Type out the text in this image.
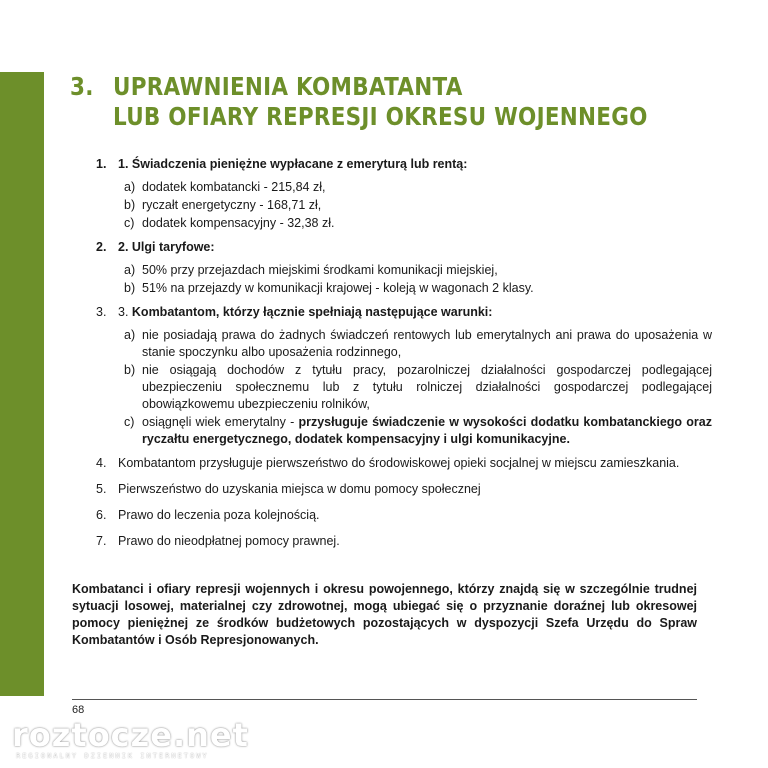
3. UPRAWNIENIA KOMBATANTA
LUB OFIARY REPRESJI OKRESU WOJENNEGO
1. 1. Świadczenia pieniężne wypłacane z emeryturą lub rentą:
a) dodatek kombatancki - 215,84 zł,
b) ryczałt energetyczny - 168,71 zł,
c) dodatek kompensacyjny - 32,38 zł.
2. 2. Ulgi taryfowe:
a) 50% przy przejazdach miejskimi środkami komunikacji miejskiej,
b) 51% na przejazdy w komunikacji krajowej - koleją w wagonach 2 klasy.
3. 3. Kombatantom, którzy łącznie spełniają następujące warunki:
a) nie posiadają prawa do żadnych świadczeń rentowych lub emerytalnych ani prawa do uposażenia w stanie spoczynku albo uposażenia rodzinnego,
b) nie osiągają dochodów z tytułu pracy, pozarolniczej działalności gospodarczej podlegającej ubezpieczeniu społecznemu lub z tytułu rolniczej działalności gospodarczej podlegającej obowiązkowemu ubezpieczeniu rolników,
c) osiągnęli wiek emerytalny - przysługuje świadczenie w wysokości dodatku kombatanckiego oraz ryczałtu energetycznego, dodatek kompensacyjny i ulgi komunikacyjne.
4. Kombatantom przysługuje pierwszeństwo do środowiskowej opieki socjalnej w miejscu zamieszkania.
5. Pierwszeństwo do uzyskania miejsca w domu pomocy społecznej
6. Prawo do leczenia poza kolejnością.
7. Prawo do nieodpłatnej pomocy prawnej.
Kombatanci i ofiary represji wojennych i okresu powojennego, którzy znajdą się w szczególnie trudnej sytuacji losowej, materialnej czy zdrowotnej, mogą ubiegać się o przyznanie doraźnej lub okresowej pomocy pieniężnej ze środków budżetowych pozostających w dyspozycji Szefa Urzędu do Spraw Kombatantów i Osób Represjonowanych.
68
roztocze.net
REGIONALNY DZIENNIK INTERNETOWY
